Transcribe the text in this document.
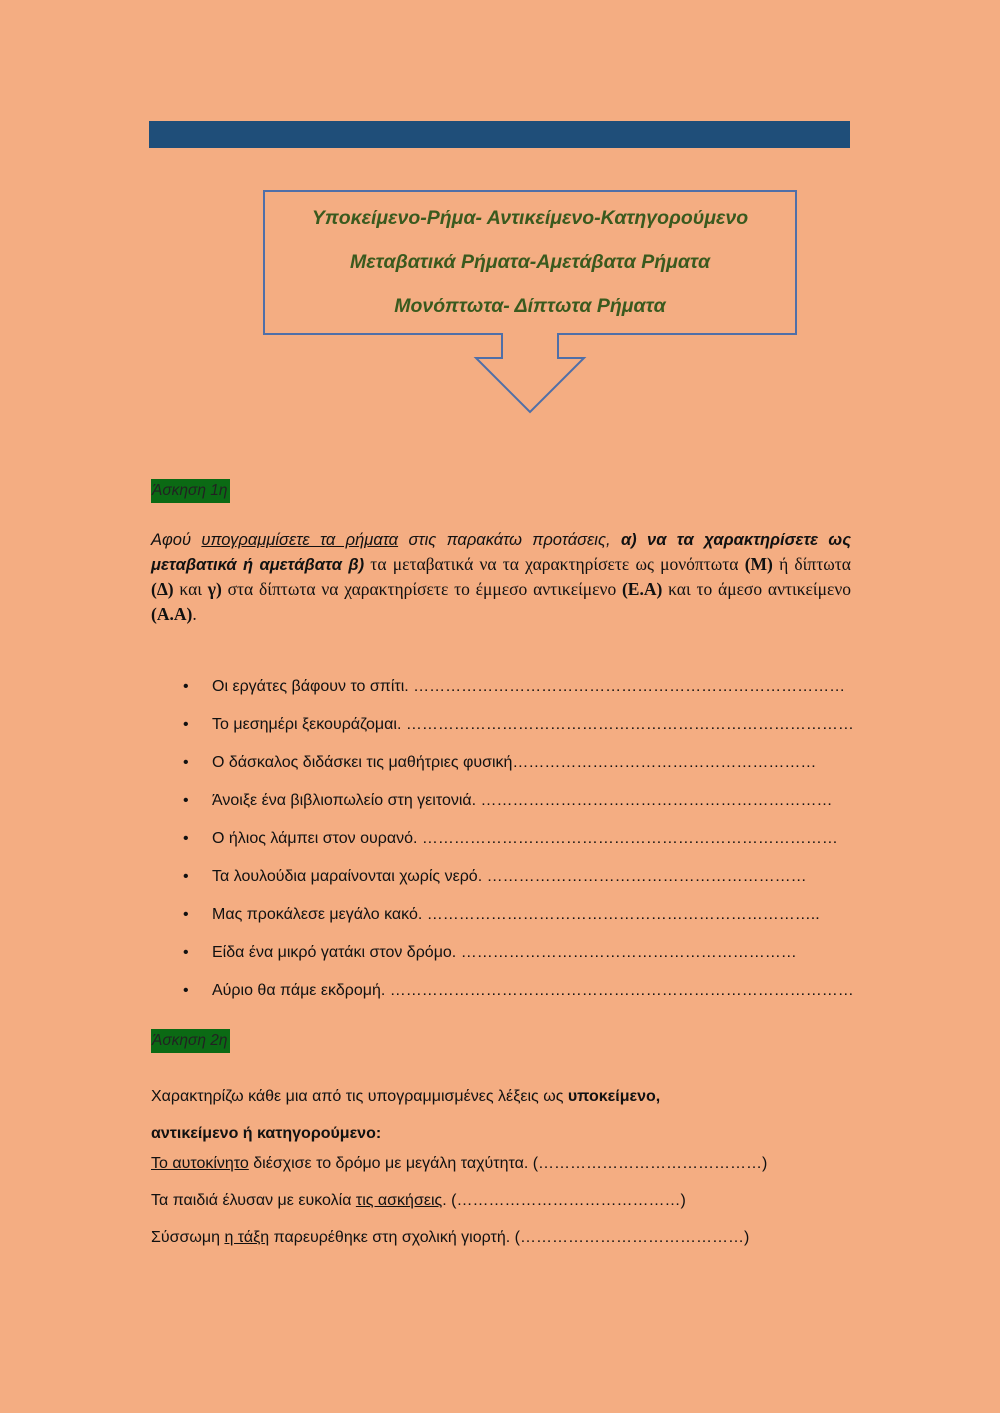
Υποκείμενο-Ρήμα- Αντικείμενο-Κατηγορούμενο
Μεταβατικά Ρήματα-Αμετάβατα Ρήματα
Μονόπτωτα- Δίπτωτα Ρήματα
Άσκηση 1η
Αφού υπογραμμίσετε τα ρήματα στις παρακάτω προτάσεις, α) να τα χαρακτηρίσετε ως μεταβατικά ή αμετάβατα β) τα μεταβατικά να τα χαρακτηρίσετε ως μονόπτωτα (Μ) ή δίπτωτα (Δ) και γ) στα δίπτωτα να χαρακτηρίσετε το έμμεσο αντικείμενο (Ε.Α) και το άμεσο αντικείμενο (Α.Α).
• Οι εργάτες βάφουν το σπίτι. ………………………………………………………………………
• Το μεσημέρι ξεκουράζομαι. …………………………………………………………………………
• Ο δάσκαλος διδάσκει τις μαθήτριες φυσική…………………………………………………
• Άνοιξε ένα βιβλιοπωλείο στη γειτονιά. …………………………………………………………
• Ο ήλιος λάμπει στον ουρανό. ……………………………………………………………………
• Τα λουλούδια μαραίνονται χωρίς νερό. ……………………………………………………
• Μας προκάλεσε μεγάλο κακό. ………………………………………………………………..
• Είδα ένα μικρό γατάκι στον δρόμο. ………………………………………………………
• Αύριο θα πάμε εκδρομή. ……………………………………………………………………………
Άσκηση 2η
Χαρακτηρίζω κάθε μια από τις υπογραμμισμένες λέξεις ως υποκείμενο,
αντικείμενο ή κατηγορούμενο:
Το αυτοκίνητο διέσχισε το δρόμο με μεγάλη ταχύτητα. (……………………………………)
Τα παιδιά έλυσαν με ευκολία τις ασκήσεις. (……………………………………)
Σύσσωμη η τάξη παρευρέθηκε στη σχολική γιορτή. (……………………………………)
